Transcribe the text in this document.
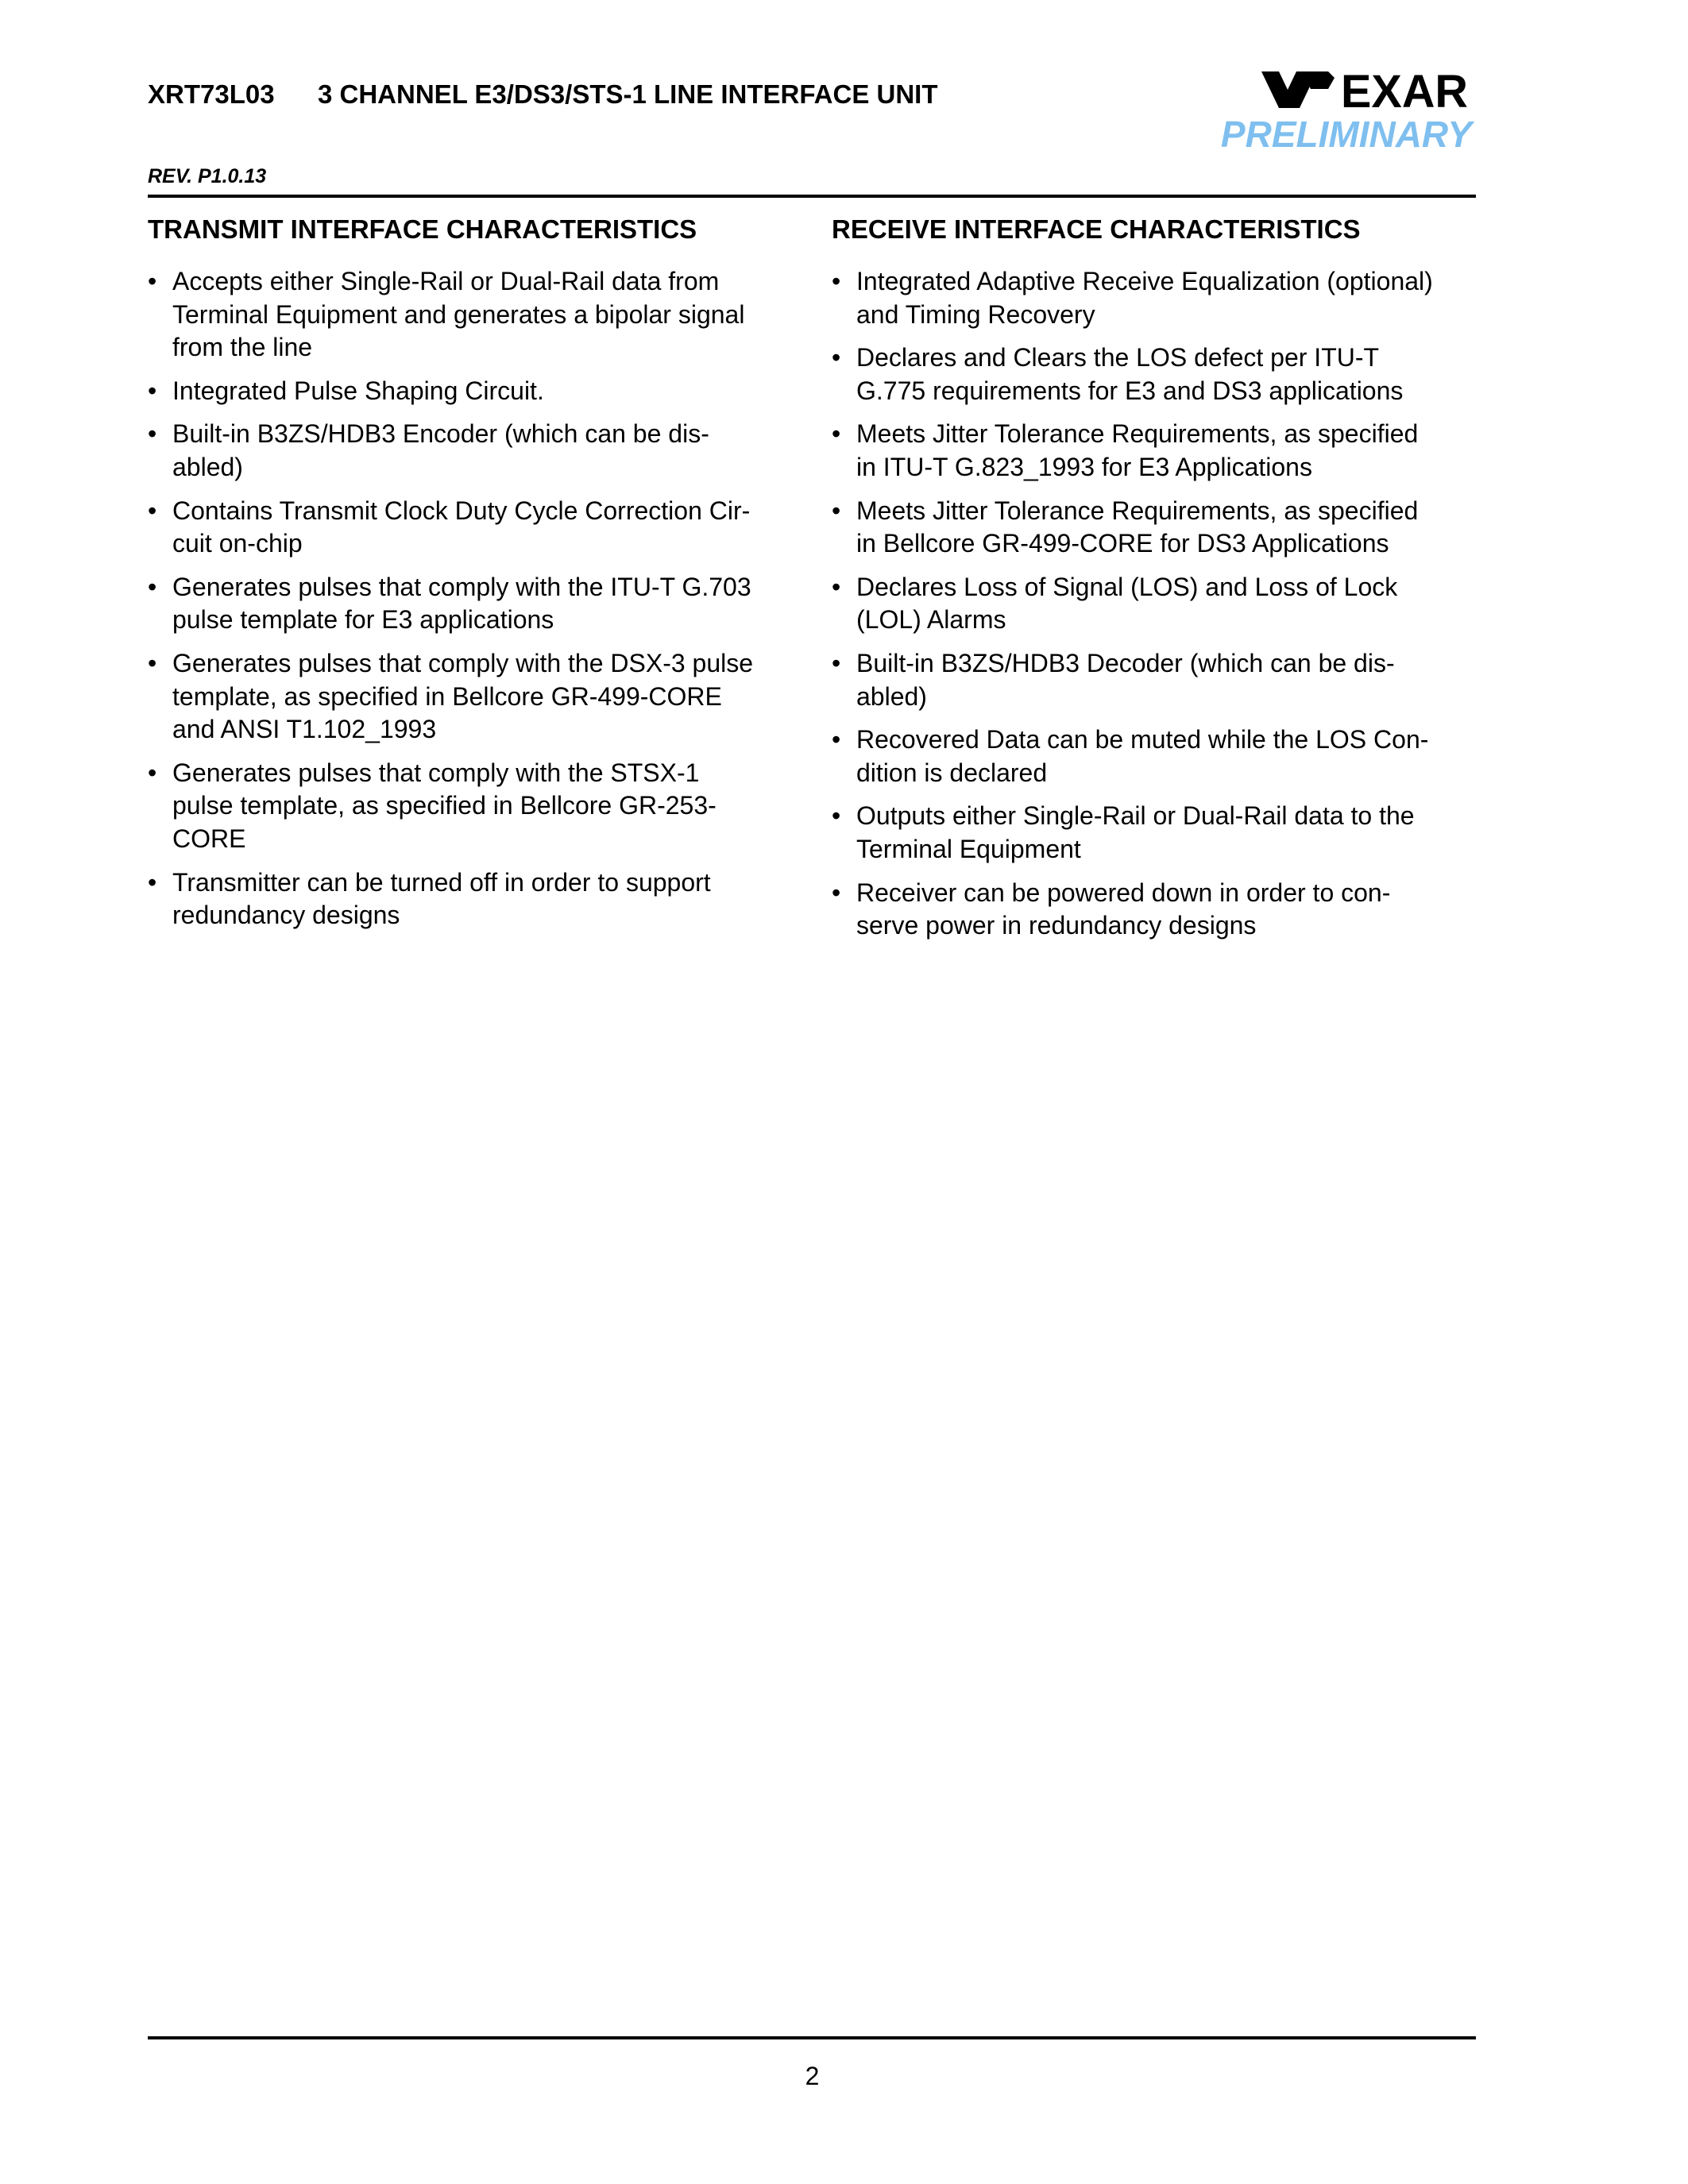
XRT73L03 3 CHANNEL E3/DS3/STS-1 LINE INTERFACE UNIT	EXAR
PRELIMINARY
REV. P1.0.13
TRANSMIT INTERFACE CHARACTERISTICS
• Accepts either Single-Rail or Dual-Rail data from
Terminal Equipment and generates a bipolar signal
from the line
• Integrated Pulse Shaping Circuit.
• Built-in B3ZS/HDB3 Encoder (which can be dis-
abled)
• Contains Transmit Clock Duty Cycle Correction Cir-
cuit on-chip
• Generates pulses that comply with the ITU-T G.703
pulse template for E3 applications
• Generates pulses that comply with the DSX-3 pulse
template, as specified in Bellcore GR-499-CORE
and ANSI T1.102_1993
• Generates pulses that comply with the STSX-1
pulse template, as specified in Bellcore GR-253-
CORE
• Transmitter can be turned off in order to support
redundancy designs
RECEIVE INTERFACE CHARACTERISTICS
• Integrated Adaptive Receive Equalization (optional)
and Timing Recovery
• Declares and Clears the LOS defect per ITU-T
G.775 requirements for E3 and DS3 applications
• Meets Jitter Tolerance Requirements, as specified
in ITU-T G.823_1993 for E3 Applications
• Meets Jitter Tolerance Requirements, as specified
in Bellcore GR-499-CORE for DS3 Applications
• Declares Loss of Signal (LOS) and Loss of Lock
(LOL) Alarms
• Built-in B3ZS/HDB3 Decoder (which can be dis-
abled)
• Recovered Data can be muted while the LOS Con-
dition is declared
• Outputs either Single-Rail or Dual-Rail data to the
Terminal Equipment
• Receiver can be powered down in order to con-
serve power in redundancy designs
2
